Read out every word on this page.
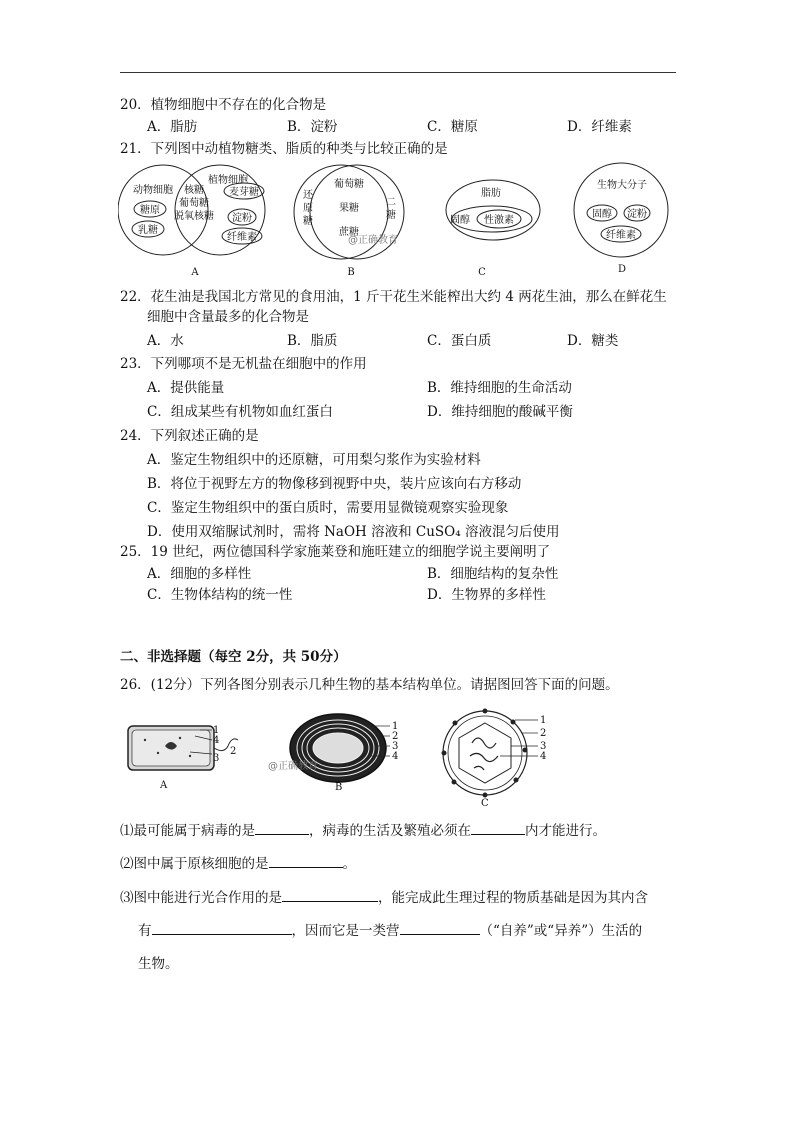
20．植物细胞中不存在的化合物是
A．脂肪	B．淀粉	C．糖原	D．纤维素
21．下列图中动植物糖类、脂质的种类与比较正确的是
动物细胞
植物细胞
糖原
乳糖
核糖
葡萄糖
脱氧核糖
麦芽糖
淀粉
纤维素
A
葡萄糖
果糖
蔗糖
B
脂肪
固醇 性激素
C
生物大分子
固醇 淀粉
纤维素
D
还
原
糖
二
糖
@正确教育
22．花生油是我国北方常见的食用油，1 斤干花生米能榨出大约 4 两花生油，那么在鲜花生
细胞中含量最多的化合物是
A．水	B．脂质	C．蛋白质	D．糖类
23．下列哪项不是无机盐在细胞中的作用
A．提供能量	B．维持细胞的生命活动
C．组成某些有机物如血红蛋白	D．维持细胞的酸碱平衡
24．下列叙述正确的是
A．鉴定生物组织中的还原糖，可用梨匀浆作为实验材料
B．将位于视野左方的物像移到视野中央，装片应该向右方移动
C．鉴定生物组织中的蛋白质时，需要用显微镜观察实验现象
D．使用双缩脲试剂时，需将 NaOH 溶液和 CuSO₄ 溶液混匀后使用
25．19 世纪，两位德国科学家施莱登和施旺建立的细胞学说主要阐明了
A．细胞的多样性	B．细胞结构的复杂性
C．生物体结构的统一性	D．生物界的多样性
二、非选择题（每空 2分，共 50分）
26．(12分）下列各图分别表示几种生物的基本结构单位。请据图回答下面的问题。
1
4
2
3
A
1
2
3
4
B
@正确教育
1
2
3
4
C
⑴最可能属于病毒的是	，病毒的生活及繁殖必须在	内才能进行。
⑵图中属于原核细胞的是	。
⑶图中能进行光合作用的是	，能完成此生理过程的物质基础是因为其内含
有	，因而它是一类营	（“自养”或“异养”）生活的
生物。
